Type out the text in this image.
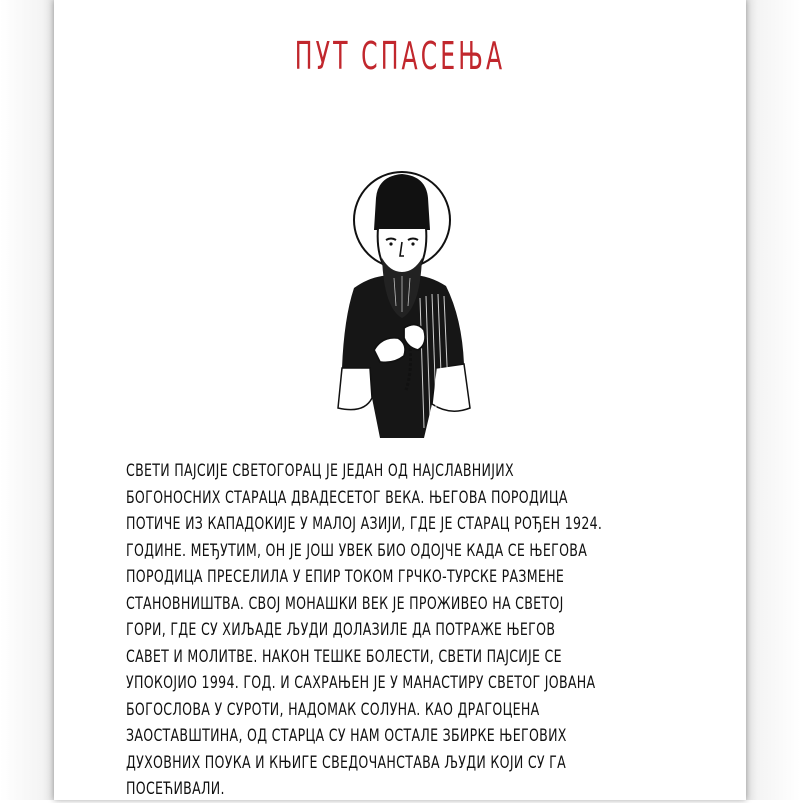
ПУТ СПАСЕЊА
СВЕТИ ПАЈСИЈЕ СВЕТОГОРАЦ ЈЕ ЈЕДАН ОД НАЈСЛАВНИЈИХ
БОГОНОСНИХ СТАРАЦА ДВАДЕСЕТОГ ВЕКА. ЊЕГОВА ПОРОДИЦА
ПОТИЧЕ ИЗ КАПАДОКИЈЕ У МАЛОЈ АЗИЈИ, ГДЕ ЈЕ СТАРАЦ РОЂЕН 1924.
ГОДИНЕ. МЕЂУТИМ, ОН ЈЕ ЈОШ УВЕК БИО ОДОЈЧЕ КАДА СЕ ЊЕГОВА
ПОРОДИЦА ПРЕСЕЛИЛА У ЕПИР ТОКОМ ГРЧКО-ТУРСКЕ РАЗМЕНЕ
СТАНОВНИШТВА. СВОЈ МОНАШКИ ВЕК ЈЕ ПРОЖИВЕО НА СВЕТОЈ
ГОРИ, ГДЕ СУ ХИЉАДЕ ЉУДИ ДОЛАЗИЛЕ ДА ПОТРАЖЕ ЊЕГОВ
САВЕТ И МОЛИТВЕ. НАКОН ТЕШКЕ БОЛЕСТИ, СВЕТИ ПАЈСИЈЕ СЕ
УПОКОЈИО 1994. ГОД. И САХРАЊЕН ЈЕ У МАНАСТИРУ СВЕТОГ ЈОВАНА
БОГОСЛОВА У СУРОТИ, НАДОМАК СОЛУНА. КАО ДРАГОЦЕНА
ЗАОСТАВШТИНА, ОД СТАРЦА СУ НАМ ОСТАЛЕ ЗБИРКЕ ЊЕГОВИХ
ДУХОВНИХ ПОУКА И КЊИГЕ СВЕДОЧАНСТАВА ЉУДИ КОЈИ СУ ГА
ПОСЕЋИВАЛИ.
